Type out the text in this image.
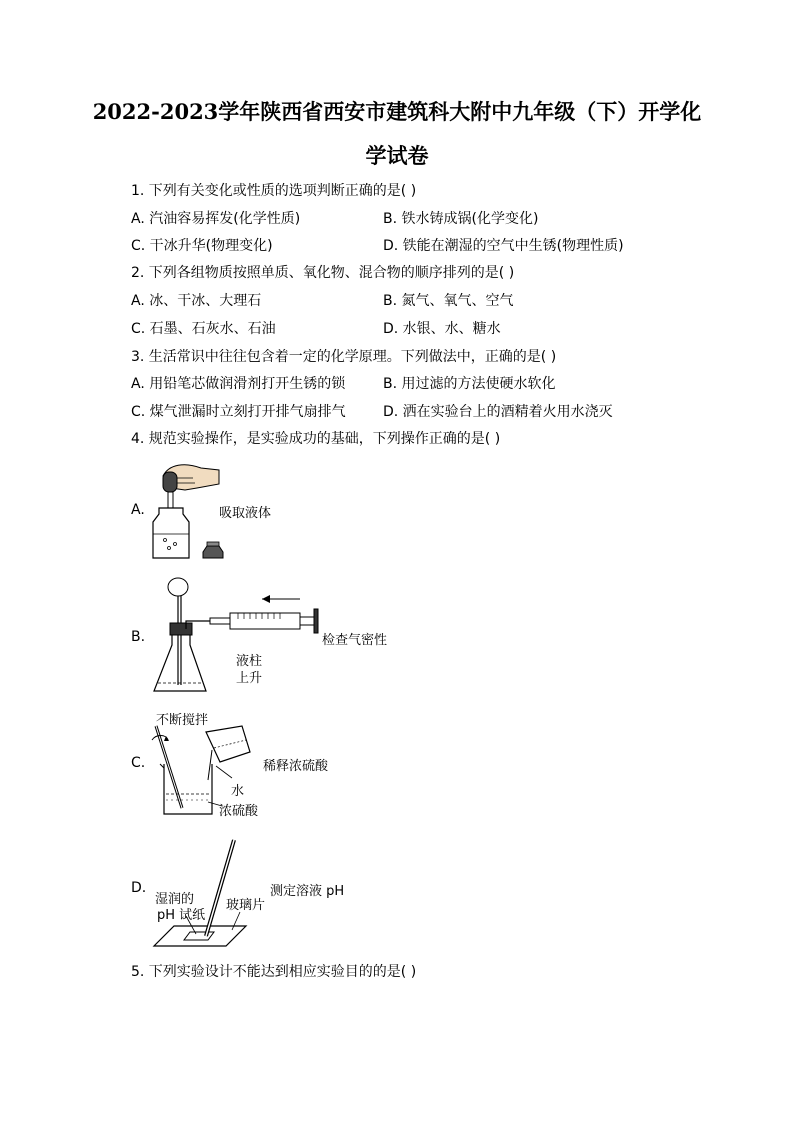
2022-2023学年陕西省西安市建筑科大附中九年级（下）开学化
学试卷
1. 下列有关变化或性质的选项判断正确的是( )
A. 汽油容易挥发(化学性质)	B. 铁水铸成锅(化学变化)
C. 干冰升华(物理变化)	D. 铁能在潮湿的空气中生锈(物理性质)
2. 下列各组物质按照单质、氧化物、混合物的顺序排列的是( )
A. 冰、干冰、大理石	B. 氮气、氧气、空气
C. 石墨、石灰水、石油	D. 水银、水、糖水
3. 生活常识中往往包含着一定的化学原理。下列做法中，正确的是( )
A. 用铅笔芯做润滑剂打开生锈的锁	B. 用过滤的方法使硬水软化
C. 煤气泄漏时立刻打开排气扇排气	D. 洒在实验台上的酒精着火用水浇灭
4. 规范实验操作，是实验成功的基础，下列操作正确的是( )
A.	吸取液体
B.	检查气密性
液柱
上升
C.
不断搅拌
稀释浓硫酸
水
浓硫酸
D.
湿润的
pH 试纸
玻璃片
测定溶液 pH
5. 下列实验设计不能达到相应实验目的的是( )
